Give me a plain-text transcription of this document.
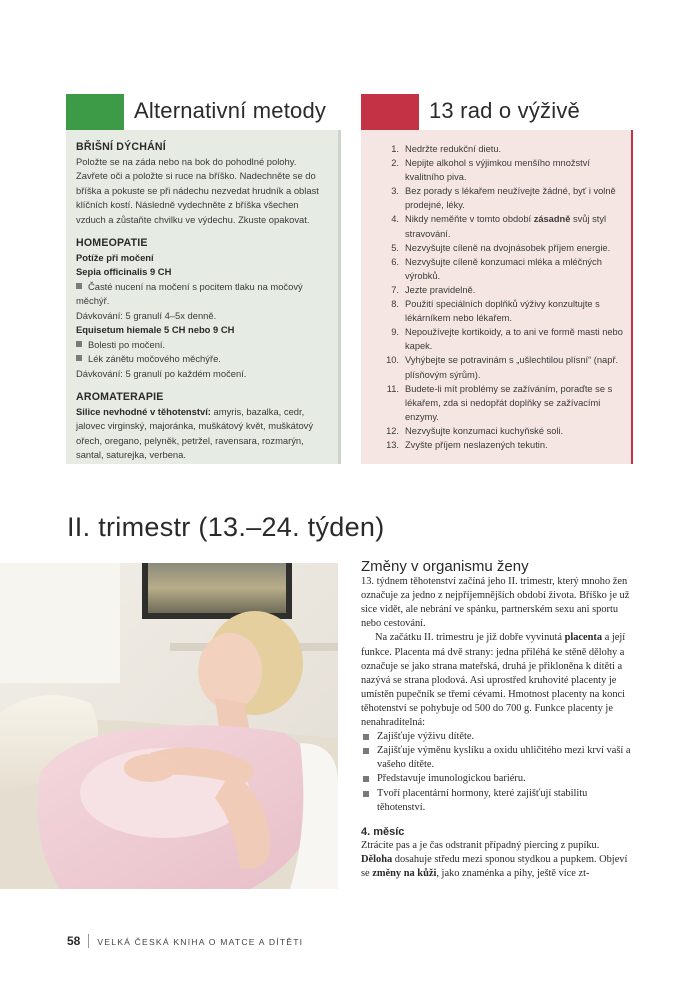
Alternativní metody
BŘIŠNÍ DÝCHÁNÍ

Položte se na záda nebo na bok do pohodlné polohy. Zavřete oči a položte si ruce na bříško. Nadechněte se do bříška a pokuste se při nádechu nezvedat hrudník a oblast klíčních kostí. Následně vydechněte z bříška všechen vzduch a zůstaňte chvilku ve výdechu. Zkuste opakovat.

HOMEOPATIE

Potíže při močení

Sepia officinalis 9 CH

Časté nucení na močení s pocitem tlaku na močový měchýř.

Dávkování: 5 granulí 4–5x denně.

Equisetum hiemale 5 CH nebo 9 CH

Bolesti po močení.

Lék zánětu močového měchýře.

Dávkování: 5 granulí po každém močení.

AROMATERAPIE

Silice nevhodné v těhotenství: amyris, bazalka, cedr, jalovec virginský, majoránka, muškátový květ, muškátový ořech, oregano, pelyněk, petržel, ravensara, rozmarýn, santal, saturejka, verbena.

13 rad o výživě
1. Nedržte redukční dietu.
2. Nepijte alkohol s výjimkou menšího množství kvalitního piva.
3. Bez porady s lékařem neužívejte žádné, byť i volně prodejné, léky.
4. Nikdy neměňte v tomto období zásadně svůj styl stravování.
5. Nezvyšujte cíleně na dvojnásobek příjem energie.
6. Nezvyšujte cíleně konzumaci mléka a mléčných výrobků.
7. Jezte pravidelně.
8. Použití speciálních doplňků výživy konzultujte s lékárníkem nebo lékařem.
9. Nepoužívejte kortikoidy, a to ani ve formě masti nebo kapek.
10. Vyhýbejte se potravinám s „ušlechtilou plísní“ (např. plísňovým sýrům).
11. Budete-li mít problémy se zažíváním, poraďte se s lékařem, zda si nedopřát doplňky se zažívacími enzymy.
12. Nezvyšujte konzumaci kuchyňské soli.
13. Zvyšte příjem neslazených tekutin.
II. trimestr (13.–24. týden)
Změny v organismu ženy

13. týdnem těhotenství začíná jeho II. trimestr, který mnoho žen označuje za jedno z nejpříjemnějších období života. Bříško je už sice vidět, ale nebrání ve spánku, partnerském sexu ani sportu nebo cestování.

Na začátku II. trimestru je již dobře vyvinutá placenta a její funkce. Placenta má dvě strany: jedna přiléhá ke stěně dělohy a označuje se jako strana mateřská, druhá je přikloněna k dítěti a nazývá se strana plodová. Asi uprostřed kruhovité placenty je umístěn pupečník se třemi cévami. Hmotnost placenty na konci těhotenství se pohybuje od 500 do 700 g. Funkce placenty je nenahraditelná:

Zajišťuje výživu dítěte.
Zajišťuje výměnu kyslíku a oxidu uhličitého mezi krví vaší a vašeho dítěte.
Představuje imunologickou bariéru.
Tvoří placentární hormony, které zajišťují stabilitu těhotenství.
4. měsíc

Ztrácíte pas a je čas odstranit případný piercing z pupíku. Děloha dosahuje středu mezi sponou stydkou a pupkem. Objeví se změny na kůži, jako znaménka a pihy, ještě více zt-

58 VELKÁ ČESKÁ KNIHA O MATCE A DÍTĚTI
